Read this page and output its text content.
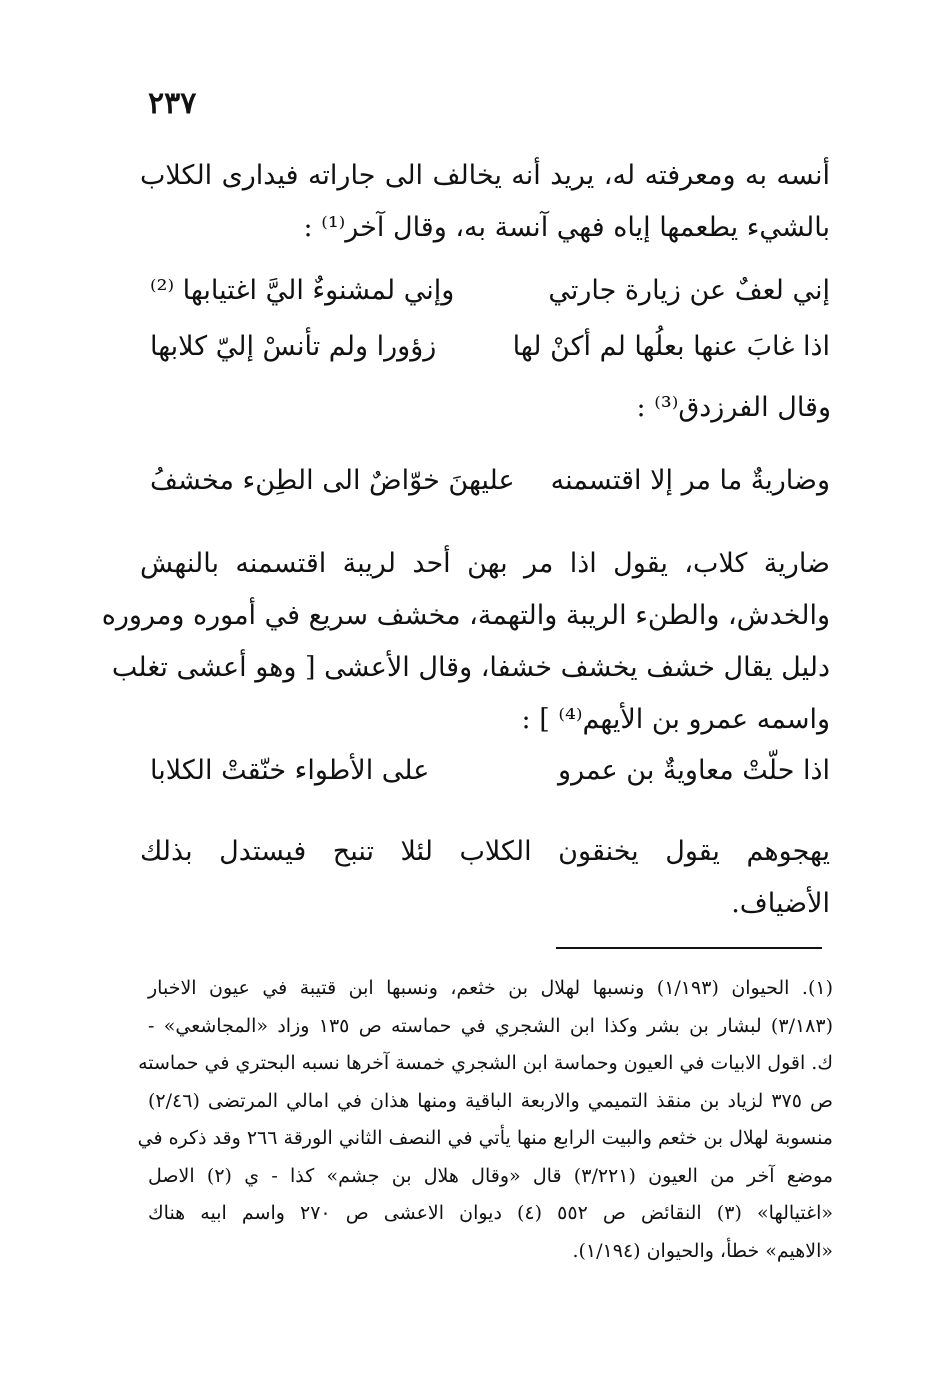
٢٣٧
أنسه به ومعرفته له، يريد أنه يخالف الى جاراته فيدارى الكلاب
بالشيء يطعمها إياه فهي آنسة به، وقال آخر⁽¹⁾ :
إني لعفٌ عن زيارة جارتي
وإني لمشنوءٌ اليَّ اغتيابها ⁽²⁾
اذا غابَ عنها بعلُها لم أكنْ لها
زؤورا ولم تأنسْ إليّ كلابها
وقال الفرزدق⁽³⁾ :
وضاريةٌ ما مر إلا اقتسمنه
عليهنَ خوّاضٌ الى الطِنء مخشفُ
ضارية كلاب، يقول اذا مر بهن أحد لريبة اقتسمنه بالنهش
والخدش، والطنء الريبة والتهمة، مخشف سريع في أموره ومروره
دليل يقال خشف يخشف خشفا، وقال الأعشى [ وهو أعشى تغلب
واسمه عمرو بن الأيهم⁽⁴⁾ ] :
اذا حلّتْ معاويةٌ بن عمرو
على الأطواء خنّقتْ الكلابا
يهجوهم يقول يخنقون الكلاب لئلا تنبح فيستدل بذلك
الأضياف.
(١). الحيوان (١/١٩٣) ونسبها لهلال بن خثعم، ونسبها ابن قتيبة في عيون الاخبار
(٣/١٨٣) لبشار بن بشر وكذا ابن الشجري في حماسته ص ١٣٥ وزاد «المجاشعي» -
ك. اقول الابيات في العيون وحماسة ابن الشجري خمسة آخرها نسبه البحتري في حماسته
ص ٣٧٥ لزياد بن منقذ التميمي والاربعة الباقية ومنها هذان في امالي المرتضى (٢/٤٦)
منسوبة لهلال بن خثعم والبيت الرابع منها يأتي في النصف الثاني الورقة ٢٦٦ وقد ذكره في
موضع آخر من العيون (٣/٢٢١) قال «وقال هلال بن جشم» كذا - ي (٢) الاصل
«اغتيالها» (٣) النقائض ص ٥٥٢ (٤) ديوان الاعشى ص ٢٧٠ واسم ابيه هناك
«الاهيم» خطأ، والحيوان (١/١٩٤).
